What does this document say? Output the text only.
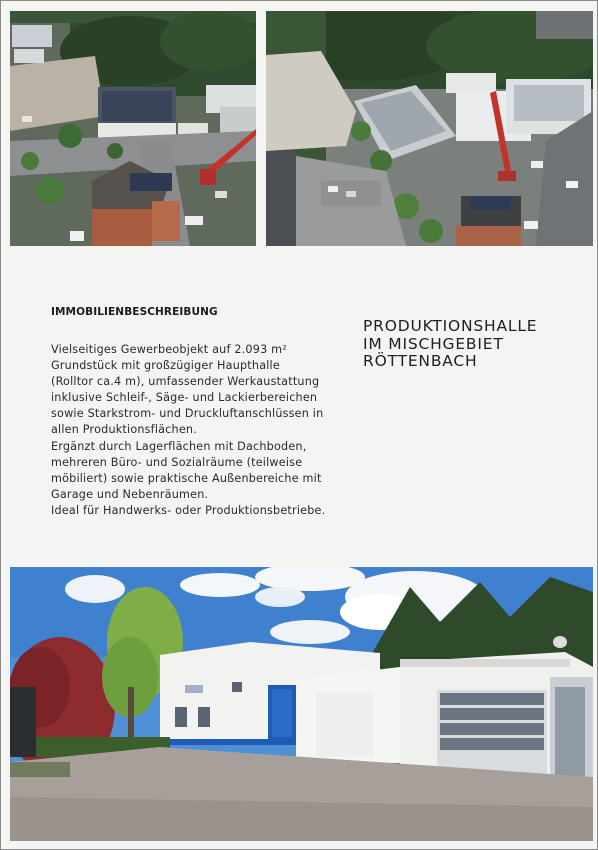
IMMOBILIENBESCHREIBUNG

Vielseitiges Gewerbeobjekt auf 2.093 m²

Grundstück mit großzügiger Haupthalle

(Rolltor ca.4 m), umfassender Werkaustattung

inklusive Schleif-, Säge- und Lackierbereichen

sowie Starkstrom- und Druckluftanschlüssen in

allen Produktionsflächen.

Ergänzt durch Lagerflächen mit Dachboden,

mehreren Büro- und Sozialräume (teilweise

möbiliert) sowie praktische Außenbereiche mit

Garage und Nebenräumen.

Ideal für Handwerks- oder Produktionsbetriebe.

PRODUKTIONSHALLE
IM MISCHGEBIET
RÖTTENBACH
